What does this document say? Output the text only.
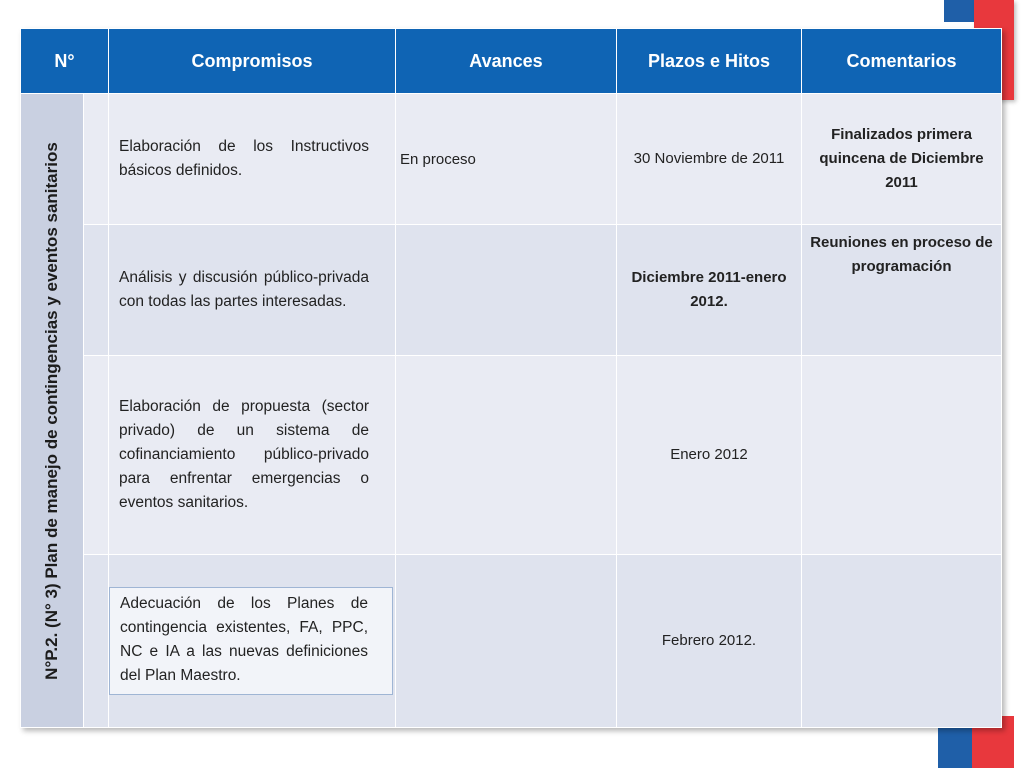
N°		Compromisos	Avances	Plazos e Hitos	Comentarios

N°P.2. (N° 3) Plan de manejo de contingencias y eventos sanitarios		Elaboración de los Instructivos básicos definidos.	En proceso	30 Noviembre de 2011	Finalizados primera quincena de Diciembre 2011
		Análisis y discusión público-privada con todas las partes interesadas.		Diciembre 2011-enero 2012.	Reuniones en proceso de programación
		Elaboración de propuesta (sector privado) de un sistema de cofinanciamiento público-privado para enfrentar emergencias o eventos sanitarios.		Enero 2012	

		Adecuación de los Planes de contingencia existentes, FA, PPC, NC e IA a las nuevas definiciones del Plan Maestro.		Febrero 2012.	
